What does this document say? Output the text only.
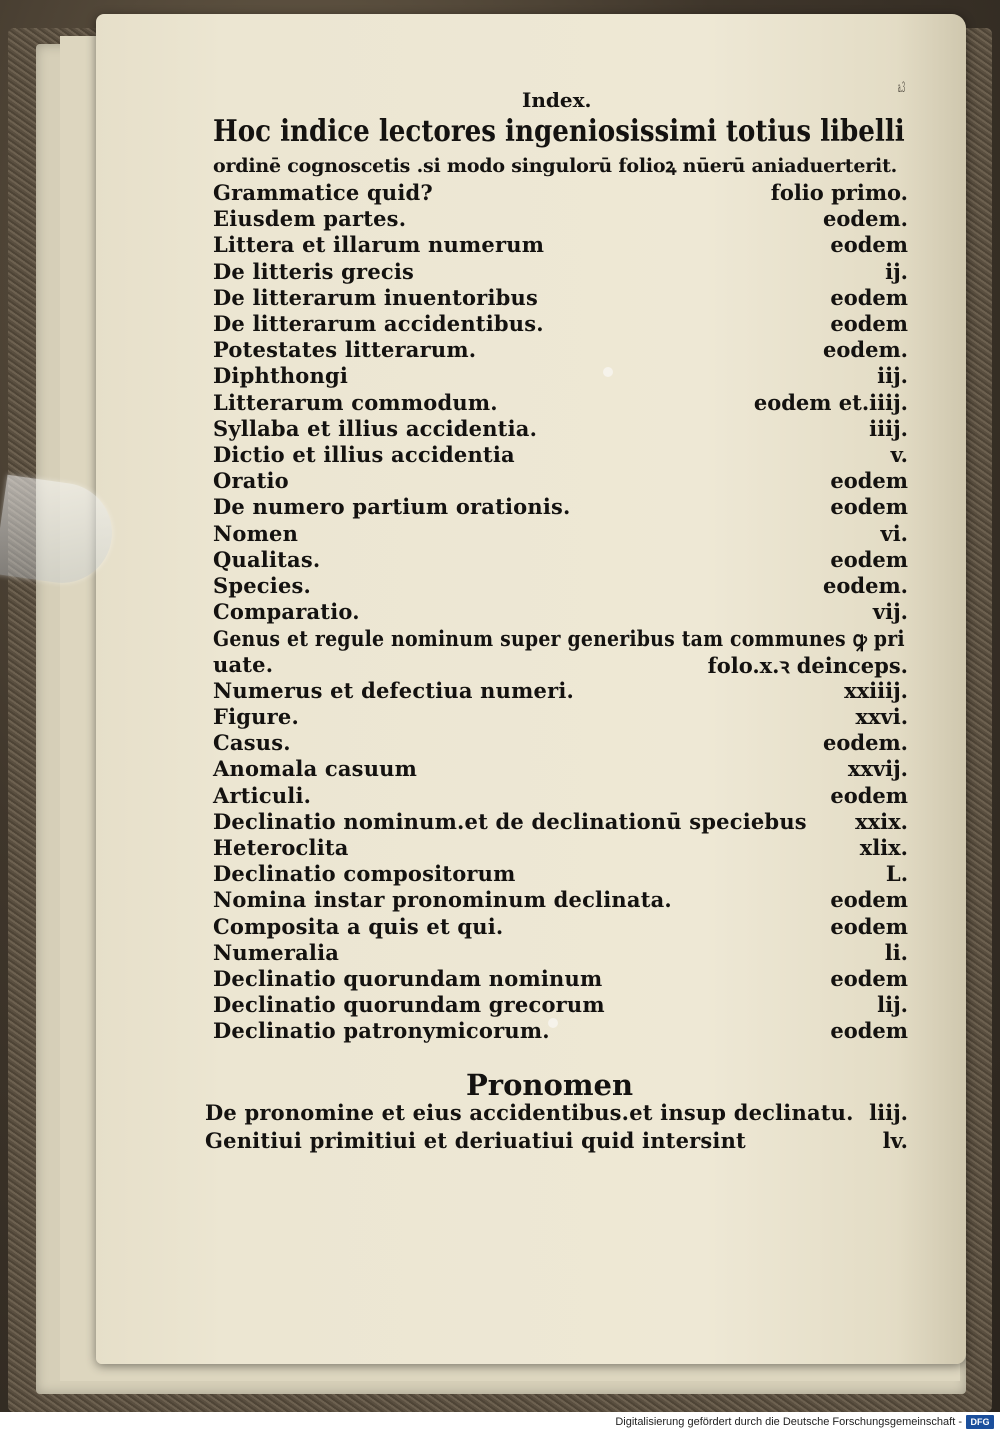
Index.	a.3
Hoc indice lectores ingeniosissimi totius libelli
ordinē cognoscetis .si modo singulorū folioꝝ nūerū aniaduerterit.
Grammatice quid?	folio primo.
Eiusdem partes.	eodem.
Littera et illarum numerum	eodem
De litteris grecis	ij.
De litterarum inuentoribus	eodem
De litterarum accidentibus.	eodem
Potestates litterarum.	eodem.
Diphthongi	iij.
Litterarum commodum.	eodem et.iiij.
Syllaba et illius accidentia.	iiij.
Dictio et illius accidentia	v.
Oratio	eodem
De numero partium orationis.	eodem
Nomen	vi.
Qualitas.	eodem
Species.	eodem.
Comparatio.	vij.
Genus et regule nominum super generibus tam communes ꝙ pri
uate.	folo.x.ꝛ deinceps.
Numerus et defectiua numeri.	xxiiij.
Figure.	xxvi.
Casus.	eodem.
Anomala casuum	xxvij.
Articuli.	eodem
Declinatio nominum.et de declinationū speciebus xxix.
Heteroclita	xlix.
Declinatio compositorum	L.
Nomina instar pronominum declinata.	eodem
Composita a quis et qui.	eodem
Numeralia	li.
Declinatio quorundam nominum	eodem
Declinatio quorundam grecorum	lij.
Declinatio patronymicorum.	eodem
Pronomen
De pronomine et eius accidentibus.et insup declinatu. liij.
Genitiui primitiui et deriuatiui quid intersint	lv.
Digitalisierung gefördert durch die Deutsche Forschungsgemeinschaft - DFG
